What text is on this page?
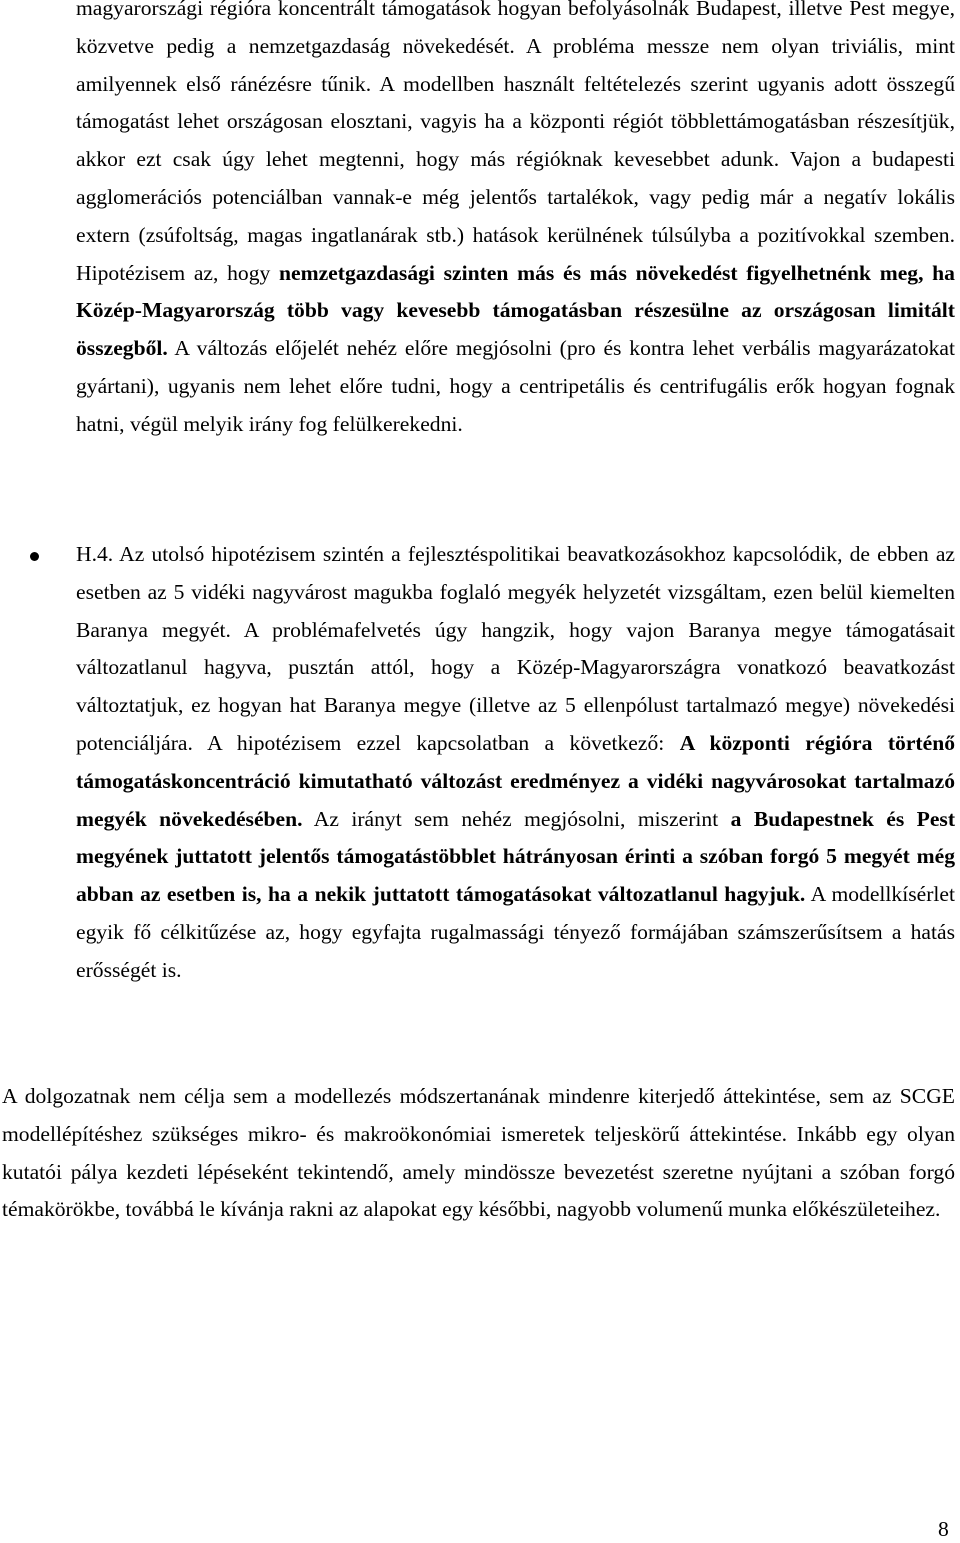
magyarországi régióra koncentrált támogatások hogyan befolyásolnák Budapest, illetve Pest megye, közvetve pedig a nemzetgazdaság növekedését. A probléma messze nem olyan triviális, mint amilyennek első ránézésre tűnik. A modellben használt feltételezés szerint ugyanis adott összegű támogatást lehet országosan elosztani, vagyis ha a központi régiót többlettámogatásban részesítjük, akkor ezt csak úgy lehet megtenni, hogy más régióknak kevesebbet adunk. Vajon a budapesti agglomerációs potenciálban vannak-e még jelentős tartalékok, vagy pedig már a negatív lokális extern (zsúfoltság, magas ingatlanárak stb.) hatások kerülnének túlsúlyba a pozitívokkal szemben. Hipotézisem az, hogy nemzetgazdasági szinten más és más növekedést figyelhetnénk meg, ha Közép-Magyarország több vagy kevesebb támogatásban részesülne az országosan limitált összegből. A változás előjelét nehéz előre megjósolni (pro és kontra lehet verbális magyarázatokat gyártani), ugyanis nem lehet előre tudni, hogy a centripetális és centrifugális erők hogyan fognak hatni, végül melyik irány fog felülkerekedni.

H.4. Az utolsó hipotézisem szintén a fejlesztéspolitikai beavatkozásokhoz kapcsolódik, de ebben az esetben az 5 vidéki nagyvárost magukba foglaló megyék helyzetét vizsgáltam, ezen belül kiemelten Baranya megyét. A problémafelvetés úgy hangzik, hogy vajon Baranya megye támogatásait változatlanul hagyva, pusztán attól, hogy a Közép-Magyarországra vonatkozó beavatkozást változtatjuk, ez hogyan hat Baranya megye (illetve az 5 ellenpólust tartalmazó megye) növekedési potenciáljára. A hipotézisem ezzel kapcsolatban a következő: A központi régióra történő támogatáskoncentráció kimutatható változást eredményez a vidéki nagyvárosokat tartalmazó megyék növekedésében. Az irányt sem nehéz megjósolni, miszerint a Budapestnek és Pest megyének juttatott jelentős támogatástöbblet hátrányosan érinti a szóban forgó 5 megyét még abban az esetben is, ha a nekik juttatott támogatásokat változatlanul hagyjuk. A modellkísérlet egyik fő célkitűzése az, hogy egyfajta rugalmassági tényező formájában számszerűsítsem a hatás erősségét is.

A dolgozatnak nem célja sem a modellezés módszertanának mindenre kiterjedő áttekintése, sem az SCGE modellépítéshez szükséges mikro- és makroökonómiai ismeretek teljeskörű áttekintése. Inkább egy olyan kutatói pálya kezdeti lépéseként tekintendő, amely mindössze bevezetést szeretne nyújtani a szóban forgó témakörökbe, továbbá le kívánja rakni az alapokat egy későbbi, nagyobb volumenű munka előkészületeihez.

8
